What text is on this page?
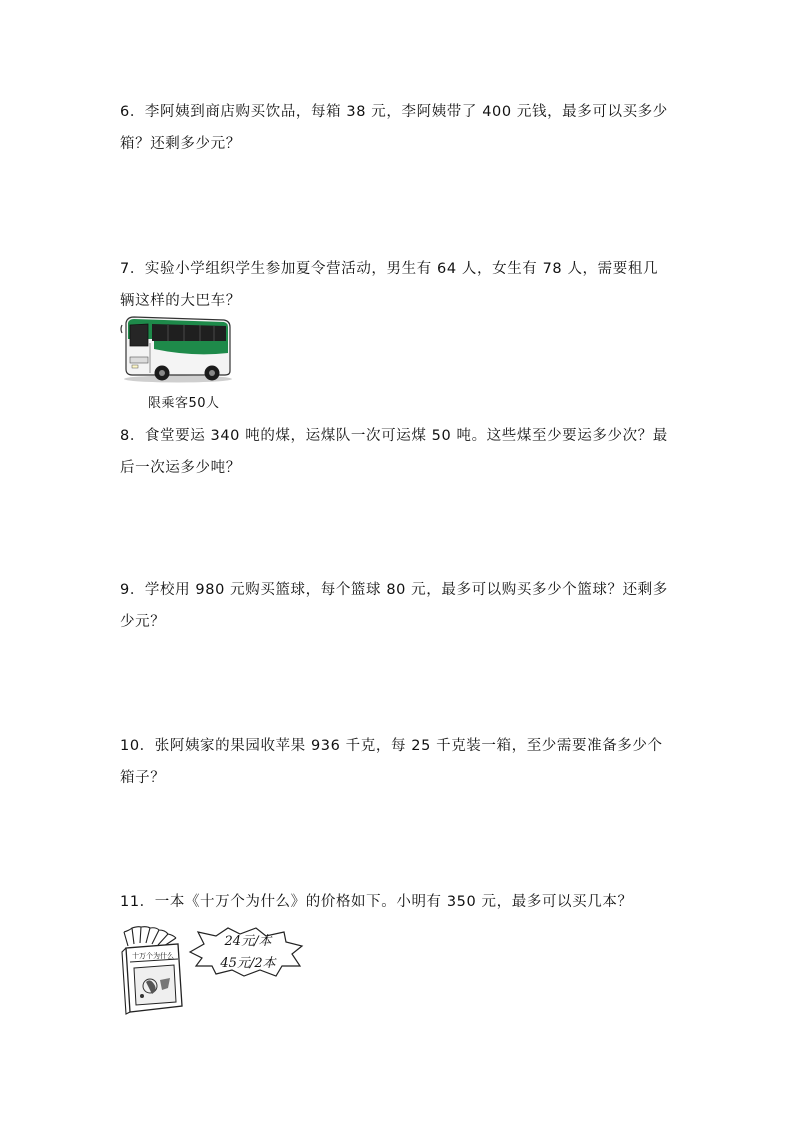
6．李阿姨到商店购买饮品，每箱 38 元，李阿姨带了 400 元钱，最多可以买多少

箱？还剩多少元？

7．实验小学组织学生参加夏令营活动，男生有 64 人，女生有 78 人，需要租几

辆这样的大巴车？

限乘客50人

8．食堂要运 340 吨的煤，运煤队一次可运煤 50 吨。这些煤至少要运多少次？最

后一次运多少吨？

9．学校用 980 元购买篮球，每个篮球 80 元，最多可以购买多少个篮球？还剩多

少元？

10．张阿姨家的果园收苹果 936 千克，每 25 千克装一箱，至少需要准备多少个

箱子？

11．一本《十万个为什么》的价格如下。小明有 350 元，最多可以买几本？

十万个为什么
24元/本
45元/2本
